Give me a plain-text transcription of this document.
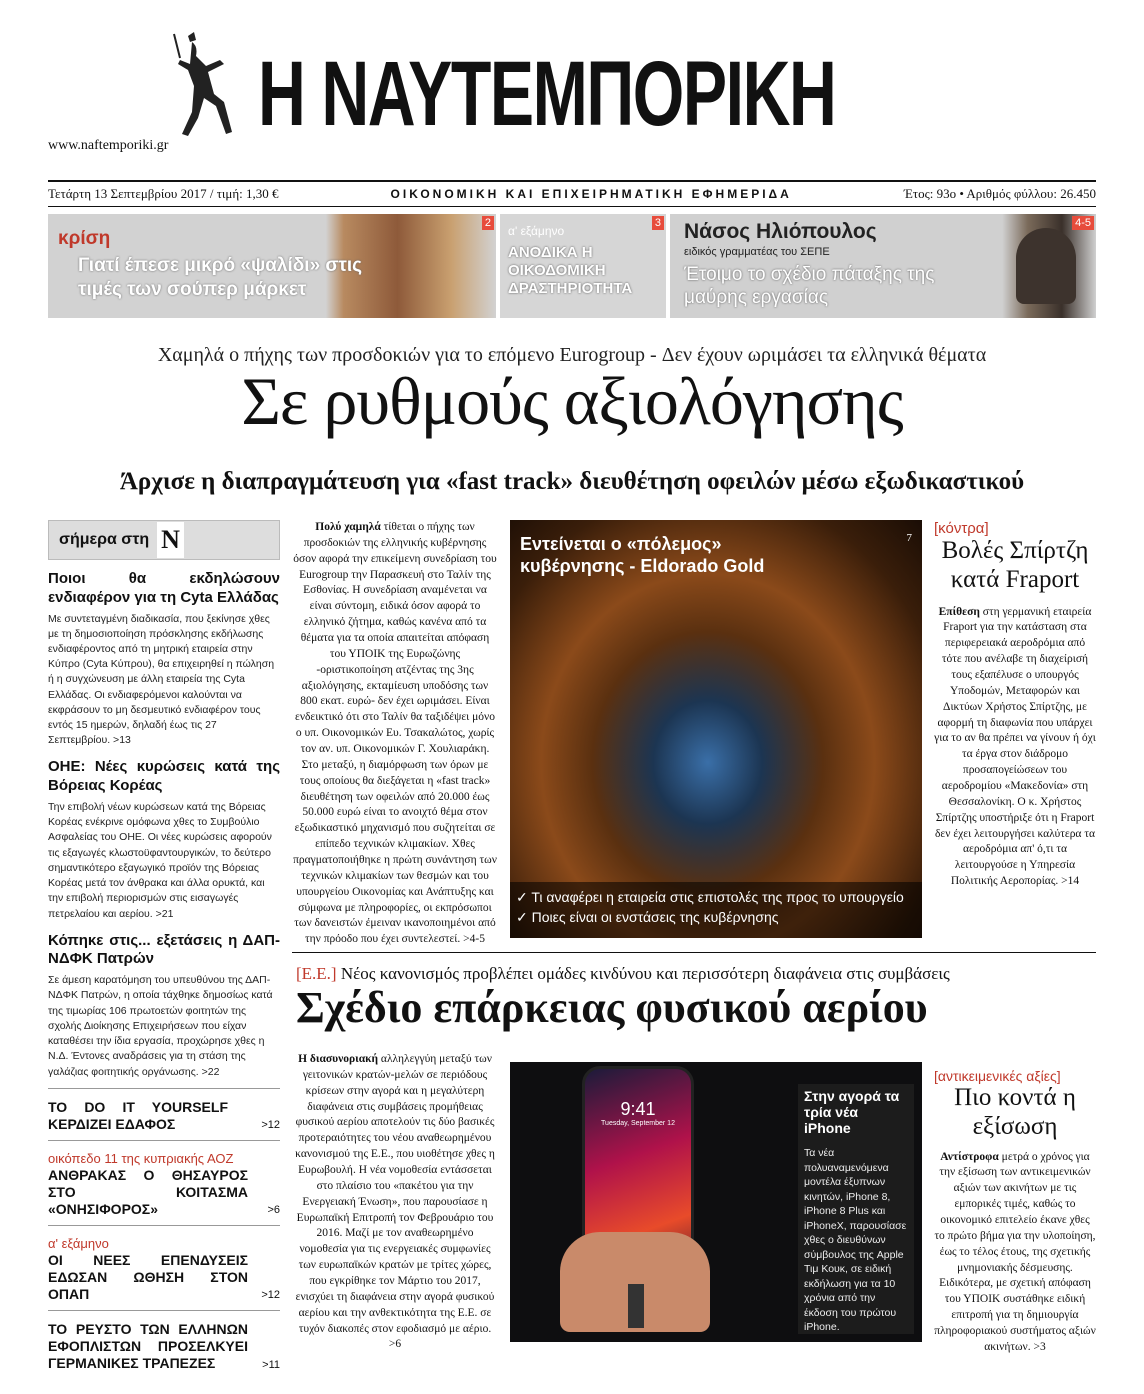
Η ΝΑΥΤΕΜΠΟΡΙΚΗ
www.naftemporiki.gr
Τετάρτη 13 Σεπτεμβρίου 2017 / τιμή: 1,30 €	ΟΙΚΟΝΟΜΙΚΗ ΚΑΙ ΕΠΙΧΕΙΡΗΜΑΤΙΚΗ ΕΦΗΜΕΡΙΔΑ	Έτος: 93ο • Αριθμός φύλλου: 26.450
κρίση
Γιατί έπεσε μικρό «ψαλίδι» στις τιμές των σούπερ μάρκετ
2
α' εξάμηνο
ΑΝΟΔΙΚΑ Η ΟΙΚΟΔΟΜΙΚΗ ΔΡΑΣΤΗΡΙΟΤΗΤΑ
3 Νάσος Ηλιόπουλος
ειδικός γραμματέας του ΣΕΠΕ
Έτοιμο το σχέδιο πάταξης της μαύρης εργασίας
4-5
Χαμηλά ο πήχης των προσδοκιών για το επόμενο Eurogroup - Δεν έχουν ωριμάσει τα ελληνικά θέματα
Σε ρυθμούς αξιολόγησης
Άρχισε η διαπραγμάτευση για «fast track» διευθέτηση οφειλών μέσω εξωδικαστικού
σήμερα στη N
Ποιοι θα εκδηλώσουν ενδιαφέρον για τη Cyta Ελλάδας

Με συντεταγμένη διαδικασία, που ξεκίνησε χθες με τη δημοσιοποίηση πρόσκλησης εκδήλωσης ενδιαφέροντος από τη μητρική εταιρεία στην Κύπρο (Cyta Κύπρου), θα επιχειρηθεί η πώληση ή η συγχώνευση με άλλη εταιρεία της Cyta Ελλάδας. Οι ενδιαφερόμενοι καλούνται να εκφράσουν το μη δεσμευτικό ενδιαφέρον τους εντός 15 ημερών, δηλαδή έως τις 27 Σεπτεμβρίου. >13

ΟΗΕ: Νέες κυρώσεις κατά της Βόρειας Κορέας

Την επιβολή νέων κυρώσεων κατά της Βόρειας Κορέας ενέκρινε ομόφωνα χθες το Συμβούλιο Ασφαλείας του ΟΗΕ. Οι νέες κυρώσεις αφορούν τις εξαγωγές κλωστοϋφαντουργικών, το δεύτερο σημαντικότερο εξαγωγικό προϊόν της Βόρειας Κορέας μετά τον άνθρακα και άλλα ορυκτά, και την επιβολή περιορισμών στις εισαγωγές πετρελαίου και αερίου. >21

Κόπηκε στις... εξετάσεις η ΔΑΠ-ΝΔΦΚ Πατρών

Σε άμεση καρατόμηση του υπευθύνου της ΔΑΠ-ΝΔΦΚ Πατρών, η οποία τάχθηκε δημοσίως κατά της τιμωρίας 106 πρωτοετών φοιτητών της σχολής Διοίκησης Επιχειρήσεων που είχαν καταθέσει την ίδια εργασία, προχώρησε χθες η Ν.Δ. Έντονες αναδράσεις για τη στάση της γαλάζιας φοιτητικής οργάνωσης. >22

TO DO IT YOURSELF ΚΕΡΔΙΖΕΙ ΕΔΑΦΟΣ	>12
οικόπεδο 11 της κυπριακής ΑΟΖ
ΑΝΘΡΑΚΑΣ Ο ΘΗΣΑΥΡΟΣ ΣΤΟ ΚΟΙΤΑΣΜΑ «ΟΝΗΣΙΦΟΡΟΣ»	>6
α' εξάμηνο
ΟΙ ΝΕΕΣ ΕΠΕΝΔΥΣΕΙΣ ΕΔΩΣΑΝ ΩΘΗΣΗ ΣΤΟΝ ΟΠΑΠ	>12
ΤΟ ΡΕΥΣΤΟ ΤΩΝ ΕΛΛΗΝΩΝ ΕΦΟΠΛΙΣΤΩΝ ΠΡΟΣΕΛΚΥΕΙ ΓΕΡΜΑΝΙΚΕΣ ΤΡΑΠΕΖΕΣ	>11
Πολύ χαμηλά τίθεται ο πήχης των προσδοκιών της ελληνικής κυβέρνησης όσον αφορά την επικείμενη συνεδρίαση του Eurogroup την Παρασκευή στο Ταλίν της Εσθονίας. Η συνεδρίαση αναμένεται να είναι σύντομη, ειδικά όσον αφορά το ελληνικό ζήτημα, καθώς κανένα από τα θέματα για τα οποία απαιτείται απόφαση του ΥΠΟΙΚ της Ευρωζώνης -οριστικοποίηση ατζέντας της 3ης αξιολόγησης, εκταμίευση υποδόσης των 800 εκατ. ευρώ- δεν έχει ωριμάσει. Είναι ενδεικτικό ότι στο Ταλίν θα ταξιδέψει μόνο ο υπ. Οικονομικών Ευ. Τσακαλώτος, χωρίς τον αν. υπ. Οικονομικών Γ. Χουλιαράκη. Στο μεταξύ, η διαμόρφωση των όρων με τους οποίους θα διεξάγεται η «fast track» διευθέτηση των οφειλών από 20.000 έως 50.000 ευρώ είναι το ανοιχτό θέμα στον εξωδικαστικό μηχανισμό που συζητείται σε επίπεδο τεχνικών κλιμακίων. Χθες πραγματοποιήθηκε η πρώτη συνάντηση των τεχνικών κλιμακίων των θεσμών και του υπουργείου Οικονομίας και Ανάπτυξης και σύμφωνα με πληροφορίες, οι εκπρόσωποι των δανειστών έμειναν ικανοποιημένοι από την πρόοδο που έχει συντελεστεί. >4-5
Εντείνεται ο «πόλεμος» κυβέρνησης - Eldorado Gold
7
✓ Τι αναφέρει η εταιρεία στις επιστολές της προς το υπουργείο
✓ Ποιες είναι οι ενστάσεις της κυβέρνησης
[κόντρα]
Βολές Σπίρτζη κατά Fraport

Επίθεση στη γερμανική εταιρεία Fraport για την κατάσταση στα περιφερειακά αεροδρόμια από τότε που ανέλαβε τη διαχείρισή τους εξαπέλυσε ο υπουργός Υποδομών, Μεταφορών και Δικτύων Χρήστος Σπίρτζης, με αφορμή τη διαφωνία που υπάρχει για το αν θα πρέπει να γίνουν ή όχι τα έργα στον διάδρομο προσαπογείώσεων του αεροδρομίου «Μακεδονία» στη Θεσσαλονίκη. Ο κ. Χρήστος Σπίρτζης υποστήριξε ότι η Fraport δεν έχει λειτουργήσει καλύτερα τα αεροδρόμια απ' ό,τι τα λειτουργούσε η Υπηρεσία Πολιτικής Αεροπορίας. >14

[Ε.Ε.] Νέος κανονισμός προβλέπει ομάδες κινδύνου και περισσότερη διαφάνεια στις συμβάσεις
Σχέδιο επάρκειας φυσικού αερίου
Η διασυνοριακή αλληλεγγύη μεταξύ των γειτονικών κρατών-μελών σε περιόδους κρίσεων στην αγορά και η μεγαλύτερη διαφάνεια στις συμβάσεις προμήθειας φυσικού αερίου αποτελούν τις δύο βασικές προτεραιότητες του νέου αναθεωρημένου κανονισμού της Ε.Ε., που υιοθέτησε χθες η Ευρωβουλή. Η νέα νομοθεσία εντάσσεται στο πλαίσιο του «πακέτου για την Ενεργειακή Ένωση», που παρουσίασε η Ευρωπαϊκή Επιτροπή τον Φεβρουάριο του 2016. Μαζί με τον αναθεωρημένο νομοθεσία για τις ενεργειακές συμφωνίες των ευρωπαϊκών κρατών με τρίτες χώρες, που εγκρίθηκε τον Μάρτιο του 2017, ενισχύει τη διαφάνεια στην αγορά φυσικού αερίου και την ανθεκτικότητα της Ε.Ε. σε τυχόν διακοπές στον εφοδιασμό με αέριο. >6
9:41
Tuesday, September 12
Στην αγορά τα τρία νέα iPhone
Τα νέα πολυαναμενόμενα μοντέλα έξυπνων κινητών, iPhone 8, iPhone 8 Plus και iPhoneX, παρουσίασε χθες ο διευθύνων σύμβουλος της Apple Τιμ Κουκ, σε ειδική εκδήλωση για τα 10 χρόνια από την έκδοση του πρώτου iPhone.
[αντικειμενικές αξίες]
Πιο κοντά η εξίσωση

Αντίστροφα μετρά ο χρόνος για την εξίσωση των αντικειμενικών αξιών των ακινήτων με τις εμπορικές τιμές, καθώς το οικονομικό επιτελείο έκανε χθες το πρώτο βήμα για την υλοποίηση, έως το τέλος έτους, της σχετικής μνημονιακής δέσμευσης. Ειδικότερα, με σχετική απόφαση του ΥΠΟΙΚ συστάθηκε ειδική επιτροπή για τη δημιουργία πληροφοριακού συστήματος αξιών ακινήτων. >3
